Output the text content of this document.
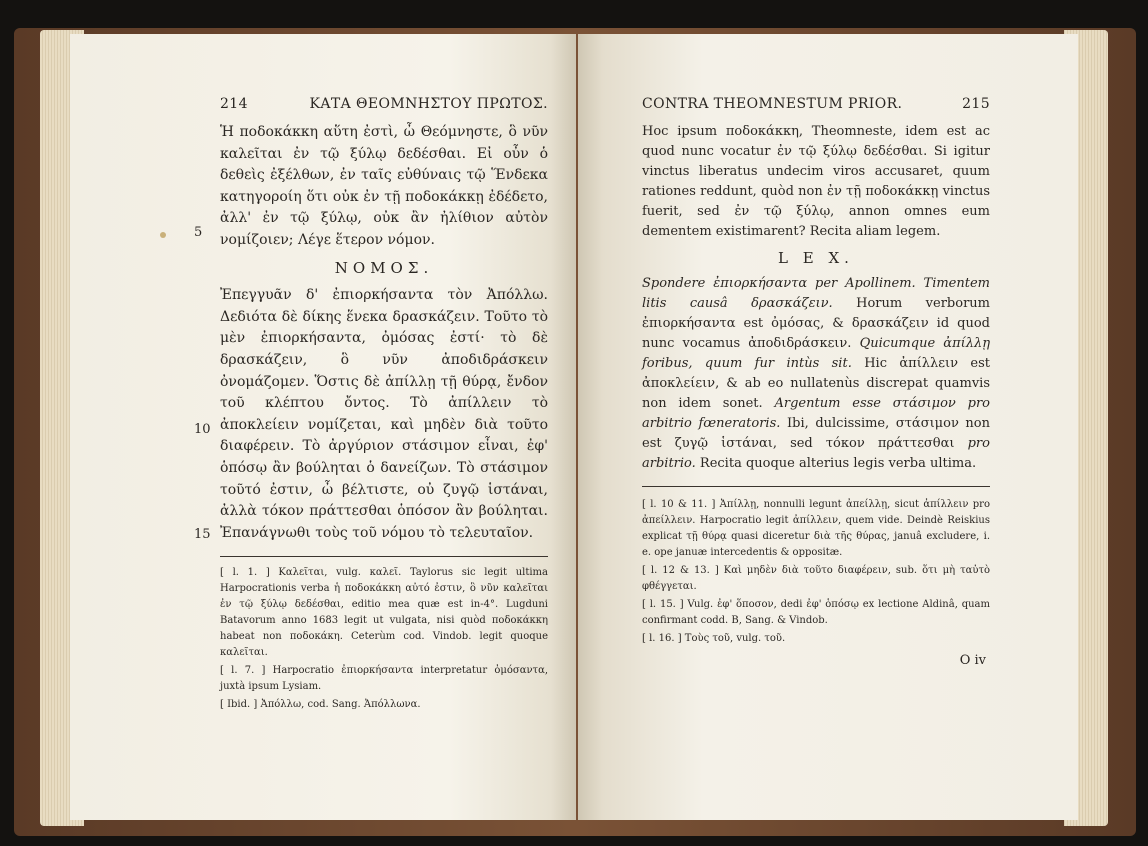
214	ΚΑΤΑ ΘΕΟΜΝΗΣΤΟΥ ΠΡΩΤΟΣ.
5
10
15

Ἡ ποδοκάκκη αὕτη ἐστὶ, ὦ Θεόμνηστε, ὃ νῦν καλεῖται ἐν τῷ ξύλῳ δεδέσθαι. Εἰ οὖν ὁ δεθεὶς ἐξέλθων, ἐν ταῖς εὐθύναις τῷ Ἕνδεκα κατηγοροίη ὅτι οὐκ ἐν τῇ ποδοκάκκῃ ἐδέδετο, ἀλλ' ἐν τῷ ξύλῳ, οὐκ ἂν ἠλίθιον αὐτὸν νομίζοιεν; Λέγε ἕτερον νόμον.

ΝΟΜΟΣ.

Ἐπεγγυᾶν δ' ἐπιορκήσαντα τὸν Ἀπόλλω. Δεδιότα δὲ δίκης ἕνεκα δρασκάζειν. Τοῦτο τὸ μὲν ἐπιορκήσαντα, ὀμόσας ἐστί· τὸ δὲ δρασκάζειν, ὃ νῦν ἀποδιδράσκειν ὀνομάζομεν. Ὅστις δὲ ἀπίλλῃ τῇ θύρᾳ, ἔνδον τοῦ κλέπτου ὄντος. Τὸ ἀπίλλειν τὸ ἀποκλείειν νομίζεται, καὶ μηδὲν διὰ τοῦτο διαφέρειν. Τὸ ἀργύριον στάσιμον εἶναι, ἐφ' ὁπόσῳ ἂν βούληται ὁ δανείζων. Τὸ στάσιμον τοῦτό ἐστιν, ὦ βέλτιστε, οὐ ζυγῷ ἱστάναι, ἀλλὰ τόκον πράττεσθαι ὁπόσον ἂν βούληται. Ἐπανάγνωθι τοὺς τοῦ νόμου τὸ τελευταῖον.

[ l. 1. ] Καλεῖται, vulg. καλεῖ. Taylorus sic legit ultima Harpocrationis verba ἡ ποδοκάκκη αὐτό ἐστιν, ὃ νῦν καλεῖται ἐν τῷ ξύλῳ δεδέσθαι, editio mea quæ est in-4°. Lugduni Batavorum anno 1683 legit ut vulgata, nisi quòd ποδοκάκκη habeat non ποδοκάκη. Ceterùm cod. Vindob. legit quoque καλεῖται.

[ l. 7. ] Harpocratio ἐπιορκήσαντα interpretatur ὀμόσαντα, juxtà ipsum Lysiam.

[ Ibid. ] Ἀπόλλω, cod. Sang. Ἀπόλλωνα.

CONTRA THEOMNESTUM PRIOR.	215

Hoc ipsum ποδοκάκκη, Theomneste, idem est ac quod nunc vocatur ἐν τῷ ξύλῳ δεδέσθαι. Si igitur vinctus liberatus undecim viros accusaret, quum rationes reddunt, quòd non ἐν τῇ ποδοκάκκῃ vinctus fuerit, sed ἐν τῷ ξύλῳ, annon omnes eum dementem existimarent? Recita aliam legem.

L E X.

Spondere ἐπιορκήσαντα per Apollinem. Timentem litis causâ δρασκάζειν. Horum verborum ἐπιορκήσαντα est ὀμόσας, & δρασκάζειν id quod nunc vocamus ἀποδιδράσκειν. Quicumque ἀπίλλῃ foribus, quum fur intùs sit. Hic ἀπίλλειν est ἀποκλείειν, & ab eo nullatenùs discrepat quamvis non idem sonet. Argentum esse στάσιμον pro arbitrio fœneratoris. Ibi, dulcissime, στάσιμον non est ζυγῷ ἱστάναι, sed τόκον πράττεσθαι pro arbitrio. Recita quoque alterius legis verba ultima.

[ l. 10 & 11. ] Ἀπίλλῃ, nonnulli legunt ἀπείλλῃ, sicut ἀπίλλειν pro ἀπείλλειν. Harpocratio legit ἀπίλλειν, quem vide. Deindè Reiskius explicat τῇ θύρᾳ quasi diceretur διὰ τῆς θύρας, januâ excludere, i. e. ope januæ intercedentis & oppositæ.

[ l. 12 & 13. ] Καὶ μηδὲν διὰ τοῦτο διαφέρειν, sub. ὅτι μὴ ταὐτὸ φθέγγεται.

[ l. 15. ] Vulg. ἐφ' ὅποσον, dedi ἐφ' ὁπόσῳ ex lectione Aldinâ, quam confirmant codd. B, Sang. & Vindob.

[ l. 16. ] Τοὺς τοῦ, vulg. τοῦ.

O iv
